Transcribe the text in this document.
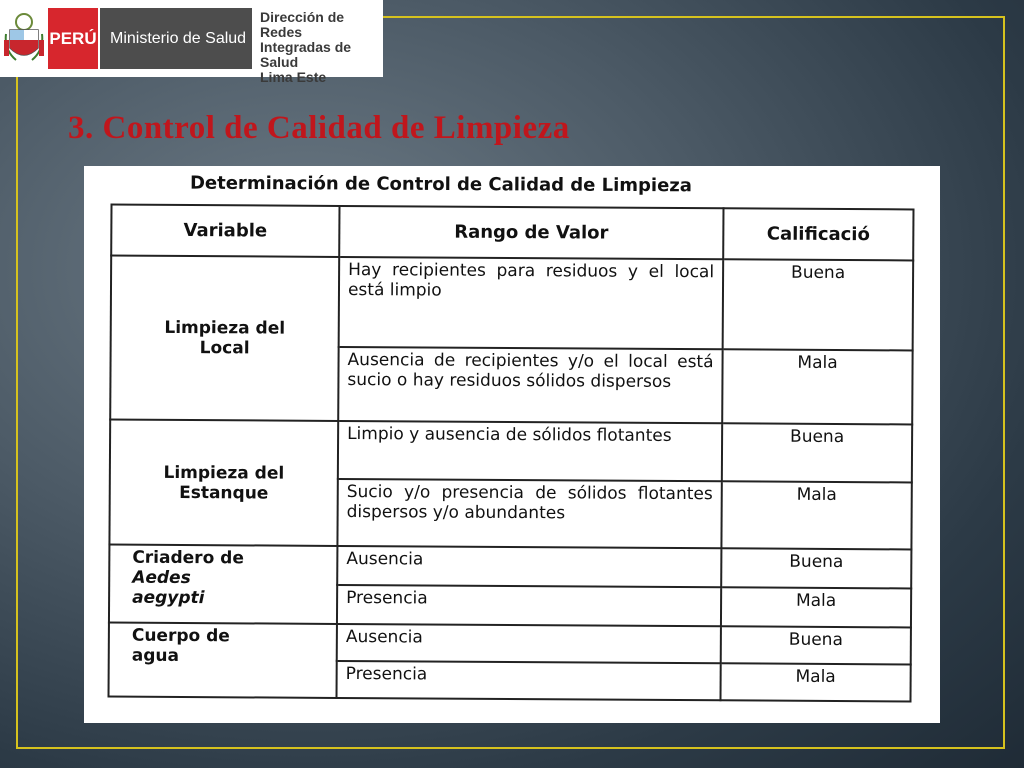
PERÚ Ministerio de Salud
Dirección de Redes
Integradas de Salud
Lima Este
3. Control de Calidad de Limpieza
Determinación de Control de Calidad de Limpieza
Variable	Rango de Valor	Calificació

Limpieza del
Local	Hay recipientes para residuos y el local está limpio	Buena
	Ausencia de recipientes y/o el local está sucio o hay residuos sólidos dispersos	Mala

Limpieza del
Estanque	Limpio y ausencia de sólidos flotantes	Buena
	Sucio y/o presencia de sólidos flotantes dispersos y/o abundantes	Mala

Criadero de
Aedes
aegypti	Ausencia	Buena
	Presencia	Mala

Cuerpo de
agua	Ausencia	Buena
	Presencia	Mala
